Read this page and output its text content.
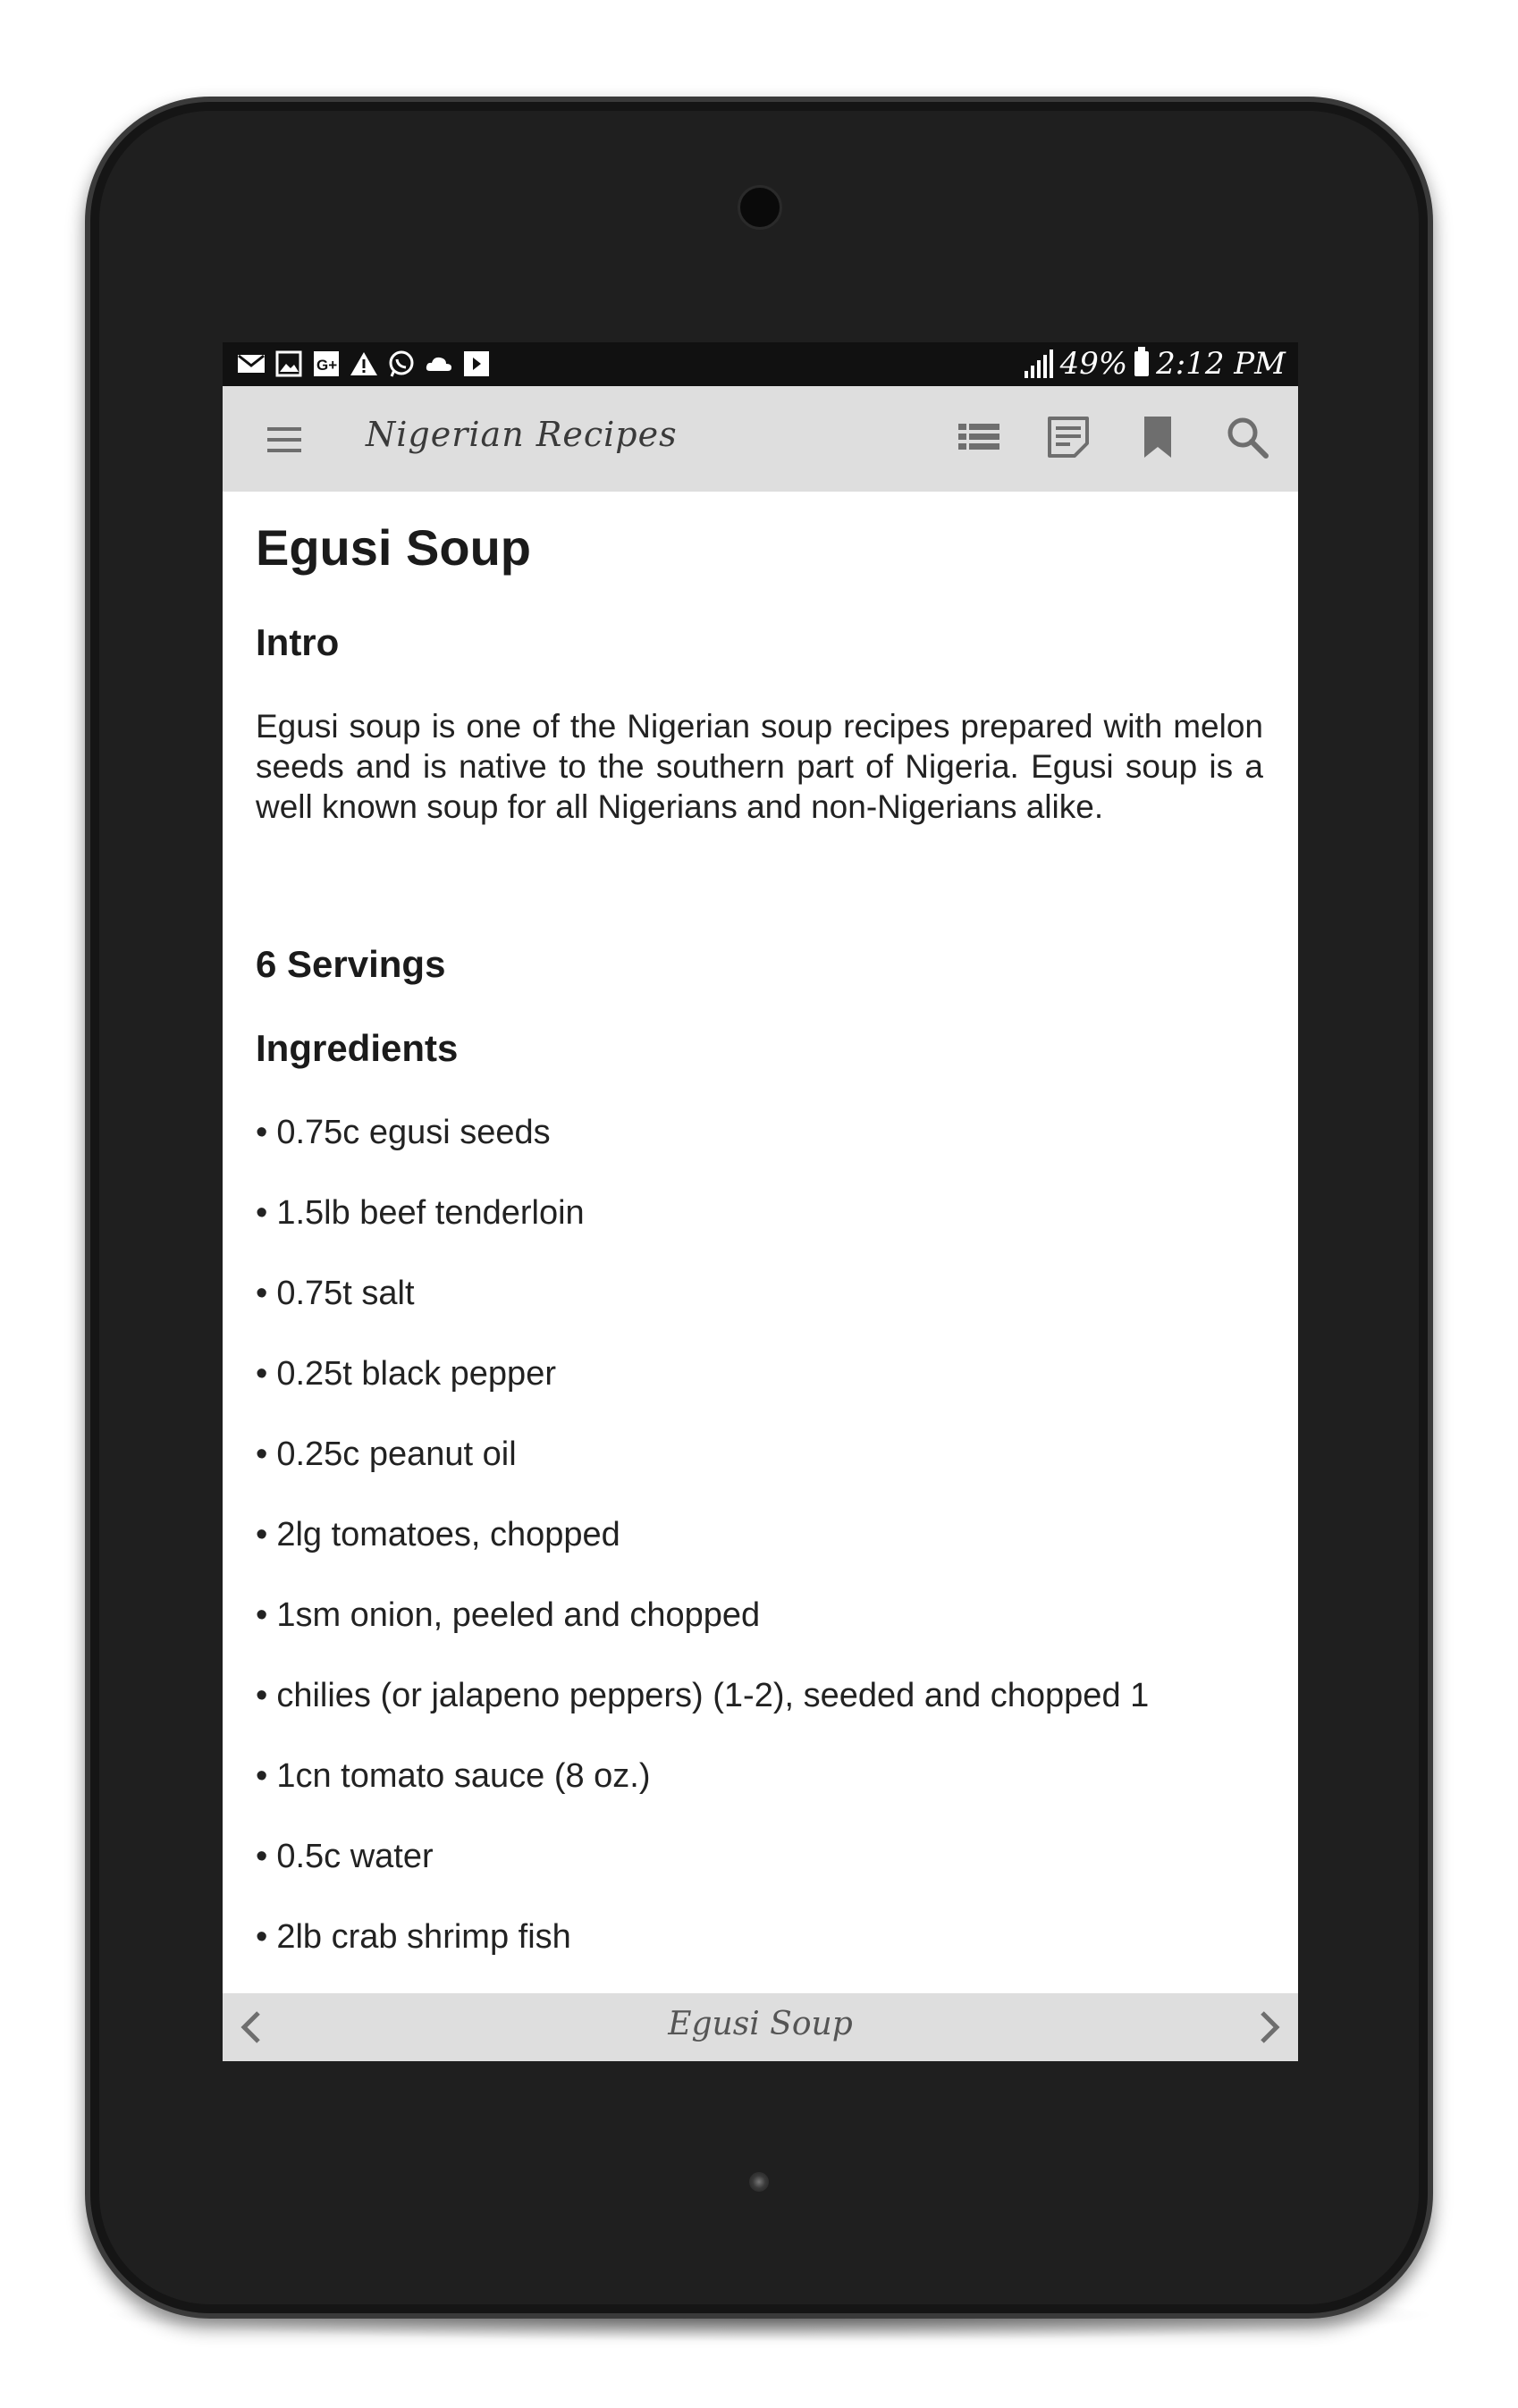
G+	49% 2:12 PM
Nigerian Recipes
Egusi Soup
Intro
Egusi soup is one of the Nigerian soup recipes prepared with melon seeds and is native to the southern part of Nigeria. Egusi soup is a well known soup for all Nigerians and non-Nigerians alike.
6 Servings
Ingredients
• 0.75c egusi seeds
• 1.5lb beef tenderloin
• 0.75t salt
• 0.25t black pepper
• 0.25c peanut oil
• 2lg tomatoes, chopped
• 1sm onion, peeled and chopped
• chilies (or jalapeno peppers) (1-2), seeded and chopped 1
• 1cn tomato sauce (8 oz.)
• 0.5c water
• 2lb crab shrimp fish
Egusi Soup
